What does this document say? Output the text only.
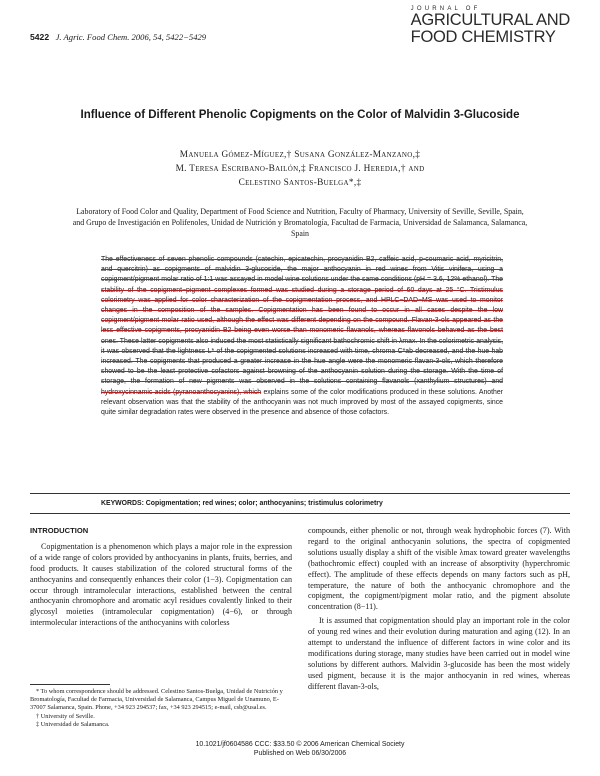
5422 J. Agric. Food Chem. 2006, 54, 5422−5429
JOURNAL OF
AGRICULTURAL AND
FOOD CHEMISTRY
Influence of Different Phenolic Copigments on the Color of Malvidin 3-Glucoside
Manuela Gómez-Míguez,† Susana González-Manzano,‡
M. Teresa Escribano-Bailón,‡ Francisco J. Heredia,† and
Celestino Santos-Buelga*,‡
Laboratory of Food Color and Quality, Department of Food Science and Nutrition, Faculty of Pharmacy, University of Seville, Seville, Spain, and Grupo de Investigación en Polifenoles, Unidad de Nutrición y Bromatología, Facultad de Farmacia, Universidad de Salamanca, Salamanca, Spain
The effectiveness of seven phenolic compounds (catechin, epicatechin, procyanidin B2, caffeic acid, p-coumaric acid, myricitrin, and quercitrin) as copigments of malvidin 3-glucoside, the major anthocyanin in red wines from Vitis vinifera, using a copigment/pigment molar ratio of 1:1 was assayed in model wine solutions under the same conditions (pH = 3.6, 12% ethanol). The stability of the copigment−pigment complexes formed was studied during a storage period of 60 days at 25 °C. Tristimulus colorimetry was applied for color characterization of the copigmentation process, and HPLC−DAD−MS was used to monitor changes in the composition of the samples. Copigmentation has been found to occur in all cases despite the low copigment/pigment molar ratio used, although the effect was different depending on the compound. Flavan-3-ols appeared as the less effective copigments, procyanidin B2 being even worse than monomeric flavanols, whereas flavonols behaved as the best ones. These latter copigments also induced the most statistically significant bathochromic shift in λmax. In the colorimetric analysis, it was observed that the lightness L* of the copigmented solutions increased with time, chroma C*ab decreased, and the hue hab increased. The copigments that produced a greater increase in the hue angle were the monomeric flavan-3-ols, which therefore showed to be the least protective cofactors against browning of the anthocyanin solution during the storage. With the time of storage, the formation of new pigments was observed in the solutions containing flavanols (xanthylium structures) and hydroxycinnamic acids (pyranoanthocyanins), which explains some of the color modifications produced in these solutions. Another relevant observation was that the stability of the anthocyanin was not much improved by most of the assayed copigments, since quite similar degradation rates were observed in the presence and absence of those cofactors.
KEYWORDS: Copigmentation; red wines; color; anthocyanins; tristimulus colorimetry
INTRODUCTION

Copigmentation is a phenomenon which plays a major role in the expression of a wide range of colors provided by anthocyanins in plants, fruits, berries, and food products. It causes stabilization of the colored structural forms of the anthocyanins and consequently enhances their color (1−3). Copigmentation can occur through intramolecular interactions, established between the central anthocyanin chromophore and aromatic acyl residues covalently linked to their glycosyl moieties (intramolecular copigmentation) (4−6), or through intermolecular interactions of the anthocyanins with colorless

* To whom correspondence should be addressed. Celestino Santos-Buelga, Unidad de Nutrición y Bromatología, Facultad de Farmacia, Universidad de Salamanca, Campus Miguel de Unamuno, E-37007 Salamanca, Spain. Phone, +34 923 294537; fax, +34 923 294515; e-mail, csb@usal.es.
† University of Seville.
‡ Universidad de Salamanca.

compounds, either phenolic or not, through weak hydrophobic forces (7). With regard to the original anthocyanin solutions, the spectra of copigmented solutions usually display a shift of the visible λmax toward greater wavelengths (bathochromic effect) coupled with an increase of absorptivity (hyperchromic effect). The amplitude of these effects depends on many factors such as pH, temperature, the nature of both the anthocyanic chromophore and the copigment, the copigment/pigment molar ratio, and the pigment absolute concentration (8−11).

It is assumed that copigmentation should play an important role in the color of young red wines and their evolution during maturation and aging (12). In an attempt to understand the influence of different factors in wine color and its modifications during storage, many studies have been carried out in model wine solutions by different authors. Malvidin 3-glucoside has been the most widely used pigment, because it is the major anthocyanin in red wines, whereas different flavan-3-ols,

10.1021/jf0604586 CCC: $33.50 © 2006 American Chemical Society
Published on Web 06/30/2006
